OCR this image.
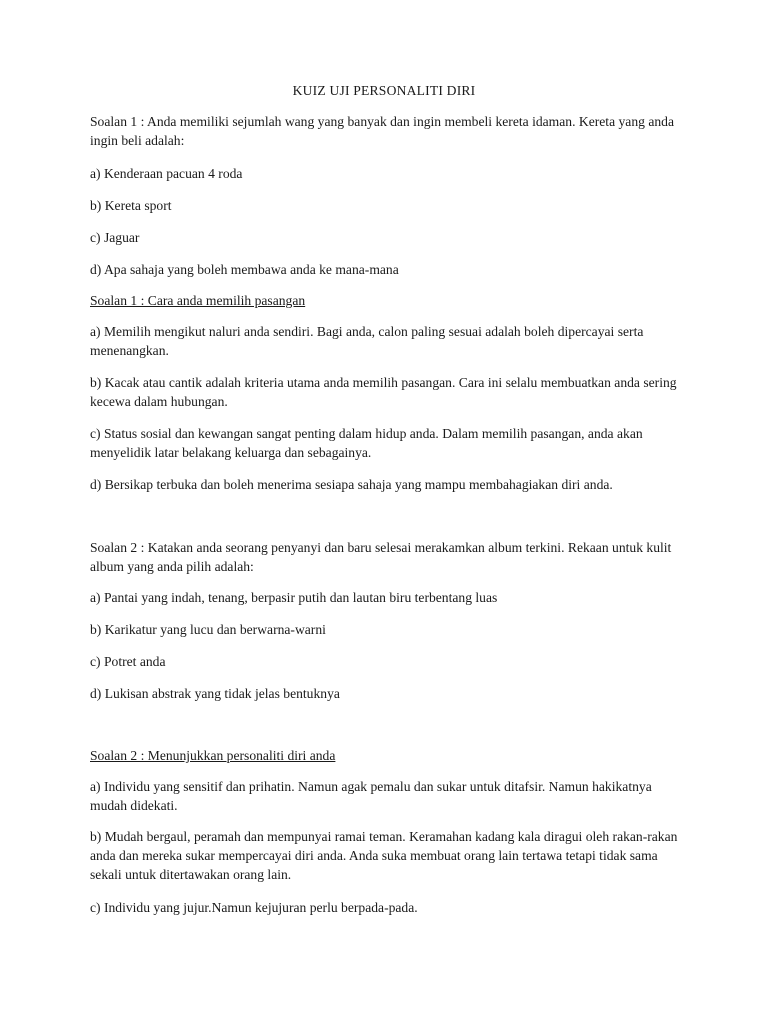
KUIZ UJI PERSONALITI DIRI

Soalan 1 : Anda memiliki sejumlah wang yang banyak dan ingin membeli kereta idaman. Kereta yang anda ingin beli adalah:

a) Kenderaan pacuan 4 roda

b) Kereta sport

c) Jaguar

d) Apa sahaja yang boleh membawa anda ke mana-mana

Soalan 1 : Cara anda memilih pasangan

a) Memilih mengikut naluri anda sendiri. Bagi anda, calon paling sesuai adalah boleh dipercayai serta menenangkan.

b) Kacak atau cantik adalah kriteria utama anda memilih pasangan. Cara ini selalu membuatkan anda sering kecewa dalam hubungan.

c) Status sosial dan kewangan sangat penting dalam hidup anda. Dalam memilih pasangan, anda akan menyelidik latar belakang keluarga dan sebagainya.

d) Bersikap terbuka dan boleh menerima sesiapa sahaja yang mampu membahagiakan diri anda.

Soalan 2 : Katakan anda seorang penyanyi dan baru selesai merakamkan album terkini. Rekaan untuk kulit album yang anda pilih adalah:

a) Pantai yang indah, tenang, berpasir putih dan lautan biru terbentang luas

b) Karikatur yang lucu dan berwarna-warni

c) Potret anda

d) Lukisan abstrak yang tidak jelas bentuknya

Soalan 2 : Menunjukkan personaliti diri anda

a) Individu yang sensitif dan prihatin. Namun agak pemalu dan sukar untuk ditafsir. Namun hakikatnya mudah didekati.

b) Mudah bergaul, peramah dan mempunyai ramai teman. Keramahan kadang kala diragui oleh rakan-rakan anda dan mereka sukar mempercayai diri anda. Anda suka membuat orang lain tertawa tetapi tidak sama sekali untuk ditertawakan orang lain.

c) Individu yang jujur.Namun kejujuran perlu berpada-pada.
